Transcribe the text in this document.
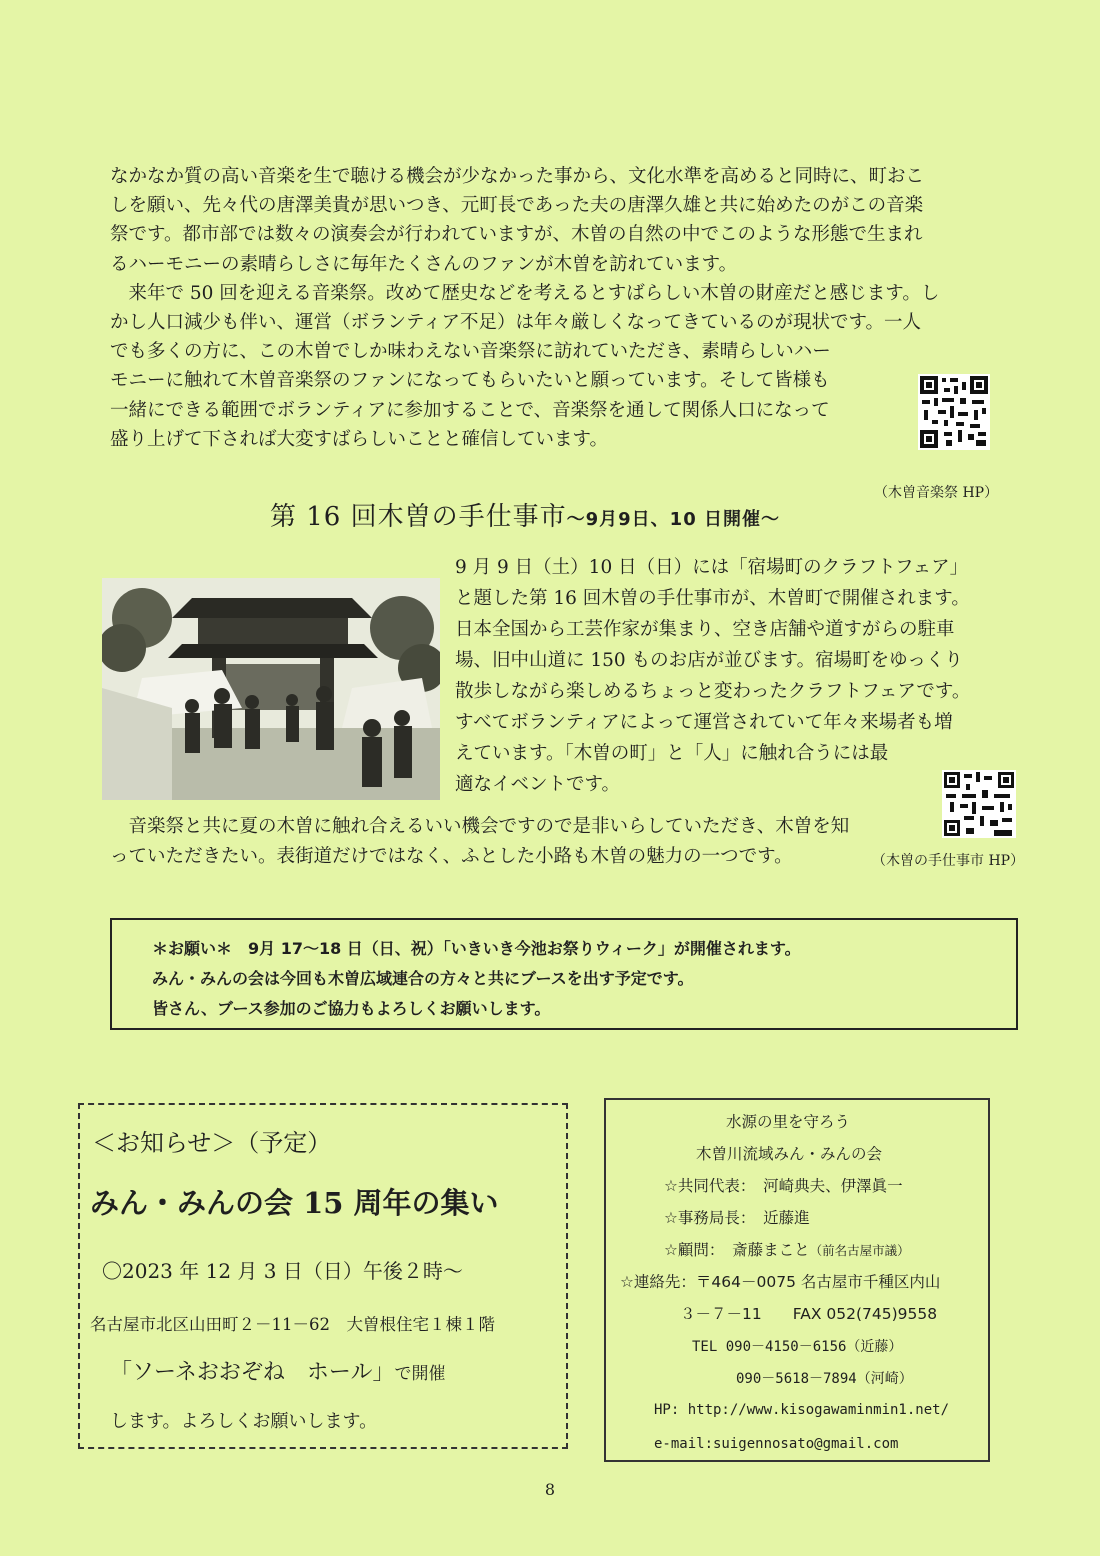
なかなか質の高い音楽を生で聴ける機会が少なかった事から、文化水準を高めると同時に、町おこ
しを願い、先々代の唐澤美貴が思いつき、元町長であった夫の唐澤久雄と共に始めたのがこの音楽
祭です。都市部では数々の演奏会が行われていますが、木曽の自然の中でこのような形態で生まれ
るハーモニーの素晴らしさに毎年たくさんのファンが木曽を訪れています。
　来年で 50 回を迎える音楽祭。改めて歴史などを考えるとすばらしい木曽の財産だと感じます。し
かし人口減少も伴い、運営（ボランティア不足）は年々厳しくなってきているのが現状です。一人
でも多くの方に、この木曽でしか味わえない音楽祭に訪れていただき、素晴らしいハー
モニーに触れて木曽音楽祭のファンになってもらいたいと願っています。そして皆様も
一緒にできる範囲でボランティアに参加することで、音楽祭を通して関係人口になって
盛り上げて下されば大変すばらしいことと確信しています。
（木曽音楽祭 HP）
第 16 回木曽の手仕事市～9月9日、10 日開催～
9 月 9 日（土）10 日（日）には「宿場町のクラフトフェア」
と題した第 16 回木曽の手仕事市が、木曽町で開催されます。
日本全国から工芸作家が集まり、空き店舗や道すがらの駐車
場、旧中山道に 150 ものお店が並びます。宿場町をゆっくり
散歩しながら楽しめるちょっと変わったクラフトフェアです。
すべてボランティアによって運営されていて年々来場者も増
えています。「木曽の町」と「人」に触れ合うには最
適なイベントです。
　音楽祭と共に夏の木曽に触れ合えるいい機会ですので是非いらしていただき、木曽を知
っていただきたい。表街道だけではなく、ふとした小路も木曽の魅力の一つです。	（木曽の手仕事市 HP）
＊お願い＊　9月 17～18 日（日、祝）「いきいき今池お祭りウィーク」が開催されます。
みん・みんの会は今回も木曽広域連合の方々と共にブースを出す予定です。
皆さん、ブース参加のご協力もよろしくお願いします。
＜お知らせ＞（予定）
みん・みんの会 15 周年の集い
〇2023 年 12 月 3 日（日）午後２時～
名古屋市北区山田町２－11－62　大曽根住宅１棟１階
「ソーネおおぞね　ホール」で開催
します。よろしくお願いします。
水源の里を守ろう
木曽川流域みん・みんの会
☆共同代表：　河崎典夫、伊澤眞一
☆事務局長：　近藤進
☆顧問：　斎藤まこと（前名古屋市議）
☆連絡先：〒464－0075 名古屋市千種区内山
３－７－11　　FAX 052(745)9558
TEL 090－4150－6156（近藤）
090－5618－7894（河崎）
HP: http://www.kisogawaminmin1.net/
e-mail:suigennosato@gmail.com
8
